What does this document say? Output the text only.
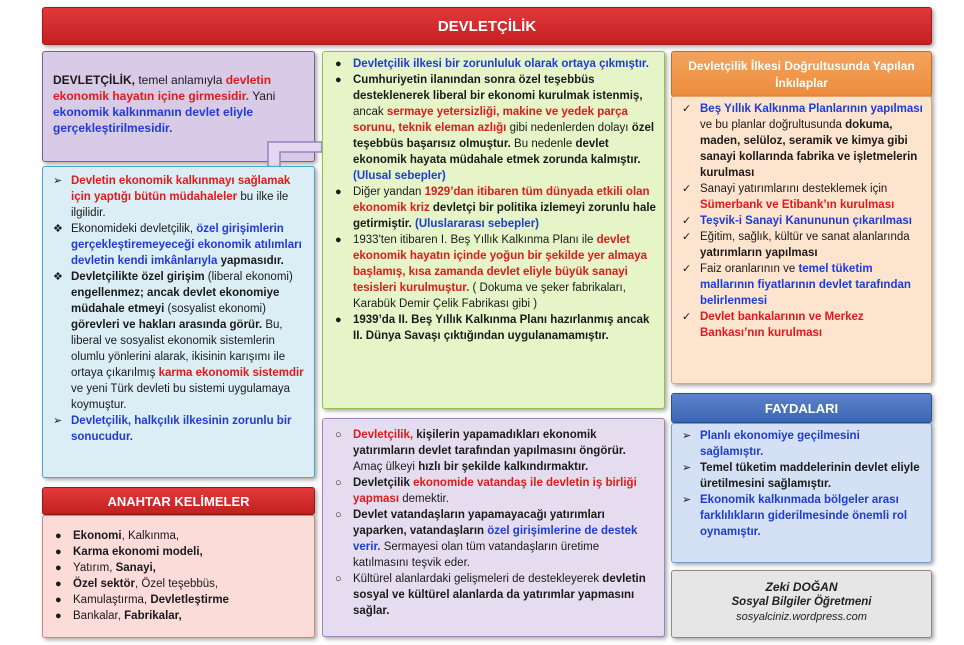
DEVLETÇİLİK
DEVLETÇİLİK, temel anlamıyla devletin ekonomik hayatın içine girmesidir. Yani ekonomik kalkınmanın devlet eliyle gerçekleştirilmesidir.
➢ Devletin ekonomik kalkınmayı sağlamak için yaptığı bütün müdahaleler bu ilke ile ilgilidir.
❖ Ekonomideki devletçilik, özel girişimlerin gerçekleştiremeyeceği ekonomik atılımları devletin kendi imkânlarıyla yapmasıdır.
❖ Devletçilikte özel girişim (liberal ekonomi) engellenmez; ancak devlet ekonomiye müdahale etmeyi (sosyalist ekonomi) görevleri ve hakları arasında görür. Bu, liberal ve sosyalist ekonomik sistemlerin olumlu yönlerini alarak, ikisinin karışımı ile ortaya çıkarılmış karma ekonomik sistemdir ve yeni Türk devleti bu sistemi uygulamaya koymuştur.
➢ Devletçilik, halkçılık ilkesinin zorunlu bir sonucudur.
ANAHTAR KELİMELER
● Ekonomi, Kalkınma,
● Karma ekonomi modeli,
● Yatırım, Sanayi,
● Özel sektör, Özel teşebbüs,
● Kamulaştırma, Devletleştirme
● Bankalar, Fabrikalar,
● Devletçilik ilkesi bir zorunluluk olarak ortaya çıkmıştır.
● Cumhuriyetin ilanından sonra özel teşebbüs desteklenerek liberal bir ekonomi kurulmak istenmiş, ancak sermaye yetersizliği, makine ve yedek parça sorunu, teknik eleman azlığı gibi nedenlerden dolayı özel teşebbüs başarısız olmuştur. Bu nedenle devlet ekonomik hayata müdahale etmek zorunda kalmıştır. (Ulusal sebepler)
● Diğer yandan 1929’dan itibaren tüm dünyada etkili olan ekonomik kriz devletçi bir politika izlemeyi zorunlu hale getirmiştir. (Uluslararası sebepler)
● 1933'ten itibaren I. Beş Yıllık Kalkınma Planı ile devlet ekonomik hayatın içinde yoğun bir şekilde yer almaya başlamış, kısa zamanda devlet eliyle büyük sanayi tesisleri kurulmuştur. ( Dokuma ve şeker fabrikaları, Karabük Demir Çelik Fabrikası gibi )
● 1939’da II. Beş Yıllık Kalkınma Planı hazırlanmış ancak II. Dünya Savaşı çıktığından uygulanamamıştır.
○ Devletçilik, kişilerin yapamadıkları ekonomik yatırımların devlet tarafından yapılmasını öngörür. Amaç ülkeyi hızlı bir şekilde kalkındırmaktır.
○ Devletçilik ekonomide vatandaş ile devletin iş birliği yapması demektir.
○ Devlet vatandaşların yapamayacağı yatırımları yaparken, vatandaşların özel girişimlerine de destek verir. Sermayesi olan tüm vatandaşların üretime katılmasını teşvik eder.
○ Kültürel alanlardaki gelişmeleri de destekleyerek devletin sosyal ve kültürel alanlarda da yatırımlar yapmasını sağlar.
Devletçilik İlkesi Doğrultusunda Yapılan İnkılaplar
✓ Beş Yıllık Kalkınma Planlarının yapılması ve bu planlar doğrultusunda dokuma, maden, selüloz, seramik ve kimya gibi sanayi kollarında fabrika ve işletmelerin kurulması
✓ Sanayi yatırımlarını desteklemek için Sümerbank ve Etibank’ın kurulması
✓ Teşvik-i Sanayi Kanununun çıkarılması
✓ Eğitim, sağlık, kültür ve sanat alanlarında yatırımların yapılması
✓ Faiz oranlarının ve temel tüketim mallarının fiyatlarının devlet tarafından belirlenmesi
✓ Devlet bankalarının ve Merkez Bankası’nın kurulması
FAYDALARI
➢ Planlı ekonomiye geçilmesini sağlamıştır.
➢ Temel tüketim maddelerinin devlet eliyle üretilmesini sağlamıştır.
➢ Ekonomik kalkınmada bölgeler arası farklılıkların giderilmesinde önemli rol oynamıştır.
Zeki DOĞAN
Sosyal Bilgiler Öğretmeni
sosyalciniz.wordpress.com
